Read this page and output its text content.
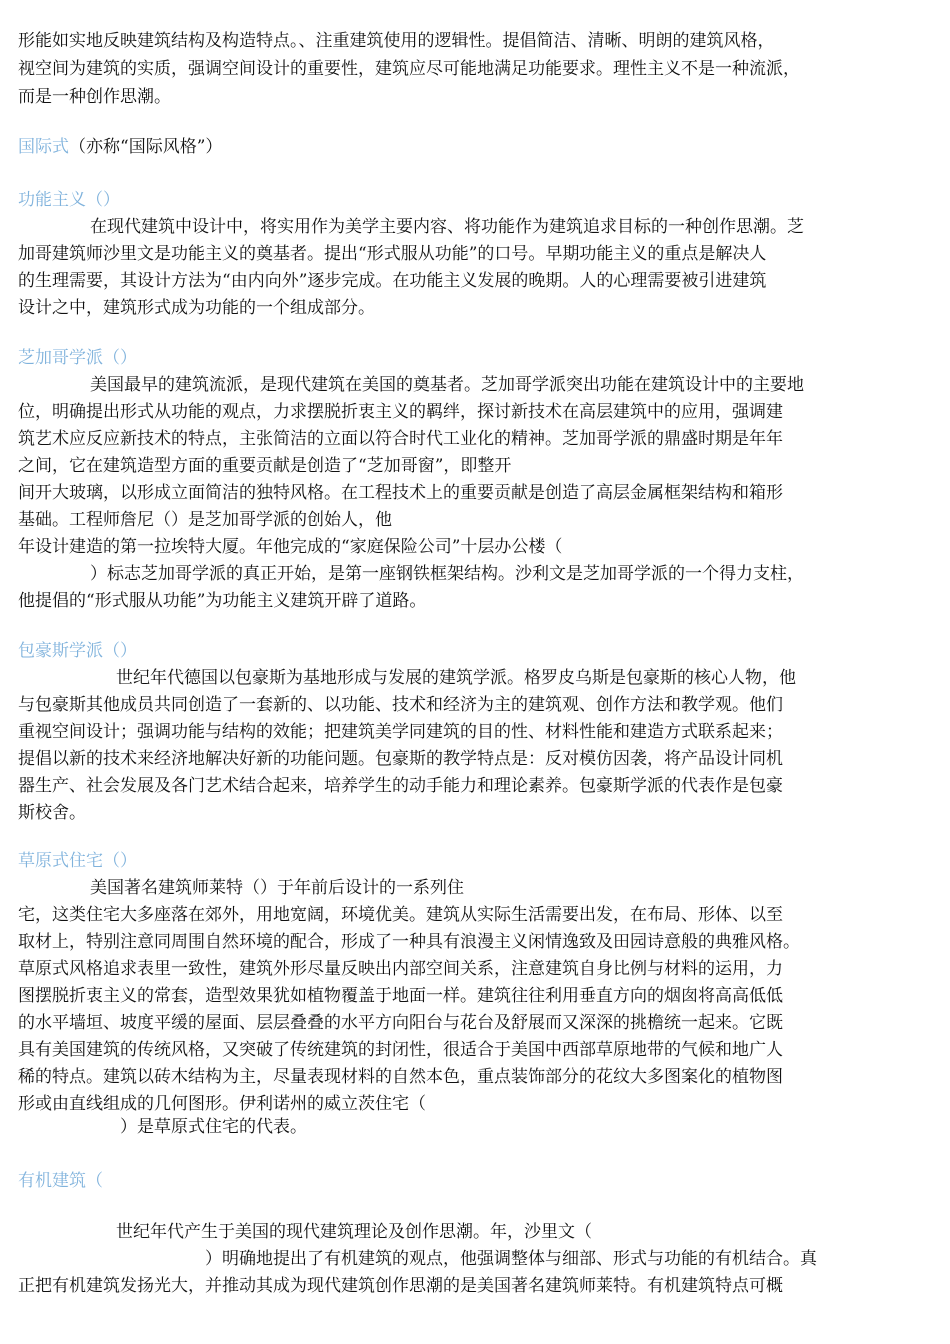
形能如实地反映建筑结构及构造特点。、注重建筑使用的逻辑性。提倡简洁、清晰、明朗的建筑风格，

视空间为建筑的实质，强调空间设计的重要性，建筑应尽可能地满足功能要求。理性主义不是一种流派，

而是一种创作思潮。

国际式（亦称“国际风格”）

功能主义（）

在现代建筑中设计中，将实用作为美学主要内容、将功能作为建筑追求目标的一种创作思潮。芝

加哥建筑师沙里文是功能主义的奠基者。提出“形式服从功能”的口号。早期功能主义的重点是解决人

的生理需要，其设计方法为“由内向外”逐步完成。在功能主义发展的晚期。人的心理需要被引进建筑

设计之中，建筑形式成为功能的一个组成部分。

芝加哥学派（）

美国最早的建筑流派，是现代建筑在美国的奠基者。芝加哥学派突出功能在建筑设计中的主要地

位，明确提出形式从功能的观点，力求摆脱折衷主义的羁绊，探讨新技术在高层建筑中的应用，强调建

筑艺术应反应新技术的特点，主张简洁的立面以符合时代工业化的精神。芝加哥学派的鼎盛时期是年年

之间，它在建筑造型方面的重要贡献是创造了“芝加哥窗”，即整开

间开大玻璃，以形成立面简洁的独特风格。在工程技术上的重要贡献是创造了高层金属框架结构和箱形

基础。工程师詹尼（）是芝加哥学派的创始人，他

年设计建造的第一拉埃特大厦。年他完成的“家庭保险公司”十层办公楼（

）标志芝加哥学派的真正开始，是第一座钢铁框架结构。沙利文是芝加哥学派的一个得力支柱，

他提倡的“形式服从功能”为功能主义建筑开辟了道路。

包豪斯学派（）

世纪年代德国以包豪斯为基地形成与发展的建筑学派。格罗皮乌斯是包豪斯的核心人物，他

与包豪斯其他成员共同创造了一套新的、以功能、技术和经济为主的建筑观、创作方法和教学观。他们

重视空间设计；强调功能与结构的效能；把建筑美学同建筑的目的性、材料性能和建造方式联系起来；

提倡以新的技术来经济地解决好新的功能问题。包豪斯的教学特点是：反对模仿因袭，将产品设计同机

器生产、社会发展及各门艺术结合起来，培养学生的动手能力和理论素养。包豪斯学派的代表作是包豪

斯校舍。

草原式住宅（）

美国著名建筑师莱特（）于年前后设计的一系列住

宅，这类住宅大多座落在郊外，用地宽阔，环境优美。建筑从实际生活需要出发，在布局、形体、以至

取材上，特别注意同周围自然环境的配合，形成了一种具有浪漫主义闲情逸致及田园诗意般的典雅风格。

草原式风格追求表里一致性，建筑外形尽量反映出内部空间关系，注意建筑自身比例与材料的运用，力

图摆脱折衷主义的常套，造型效果犹如植物覆盖于地面一样。建筑往往利用垂直方向的烟囱将高高低低

的水平墙垣、坡度平缓的屋面、层层叠叠的水平方向阳台与花台及舒展而又深深的挑檐统一起来。它既

具有美国建筑的传统风格，又突破了传统建筑的封闭性，很适合于美国中西部草原地带的气候和地广人

稀的特点。建筑以砖木结构为主，尽量表现材料的自然本色，重点装饰部分的花纹大多图案化的植物图

形或由直线组成的几何图形。伊利诺州的威立茨住宅（

）是草原式住宅的代表。

有机建筑（

世纪年代产生于美国的现代建筑理论及创作思潮。年，沙里文（

）明确地提出了有机建筑的观点，他强调整体与细部、形式与功能的有机结合。真

正把有机建筑发扬光大，并推动其成为现代建筑创作思潮的是美国著名建筑师莱特。有机建筑特点可概
